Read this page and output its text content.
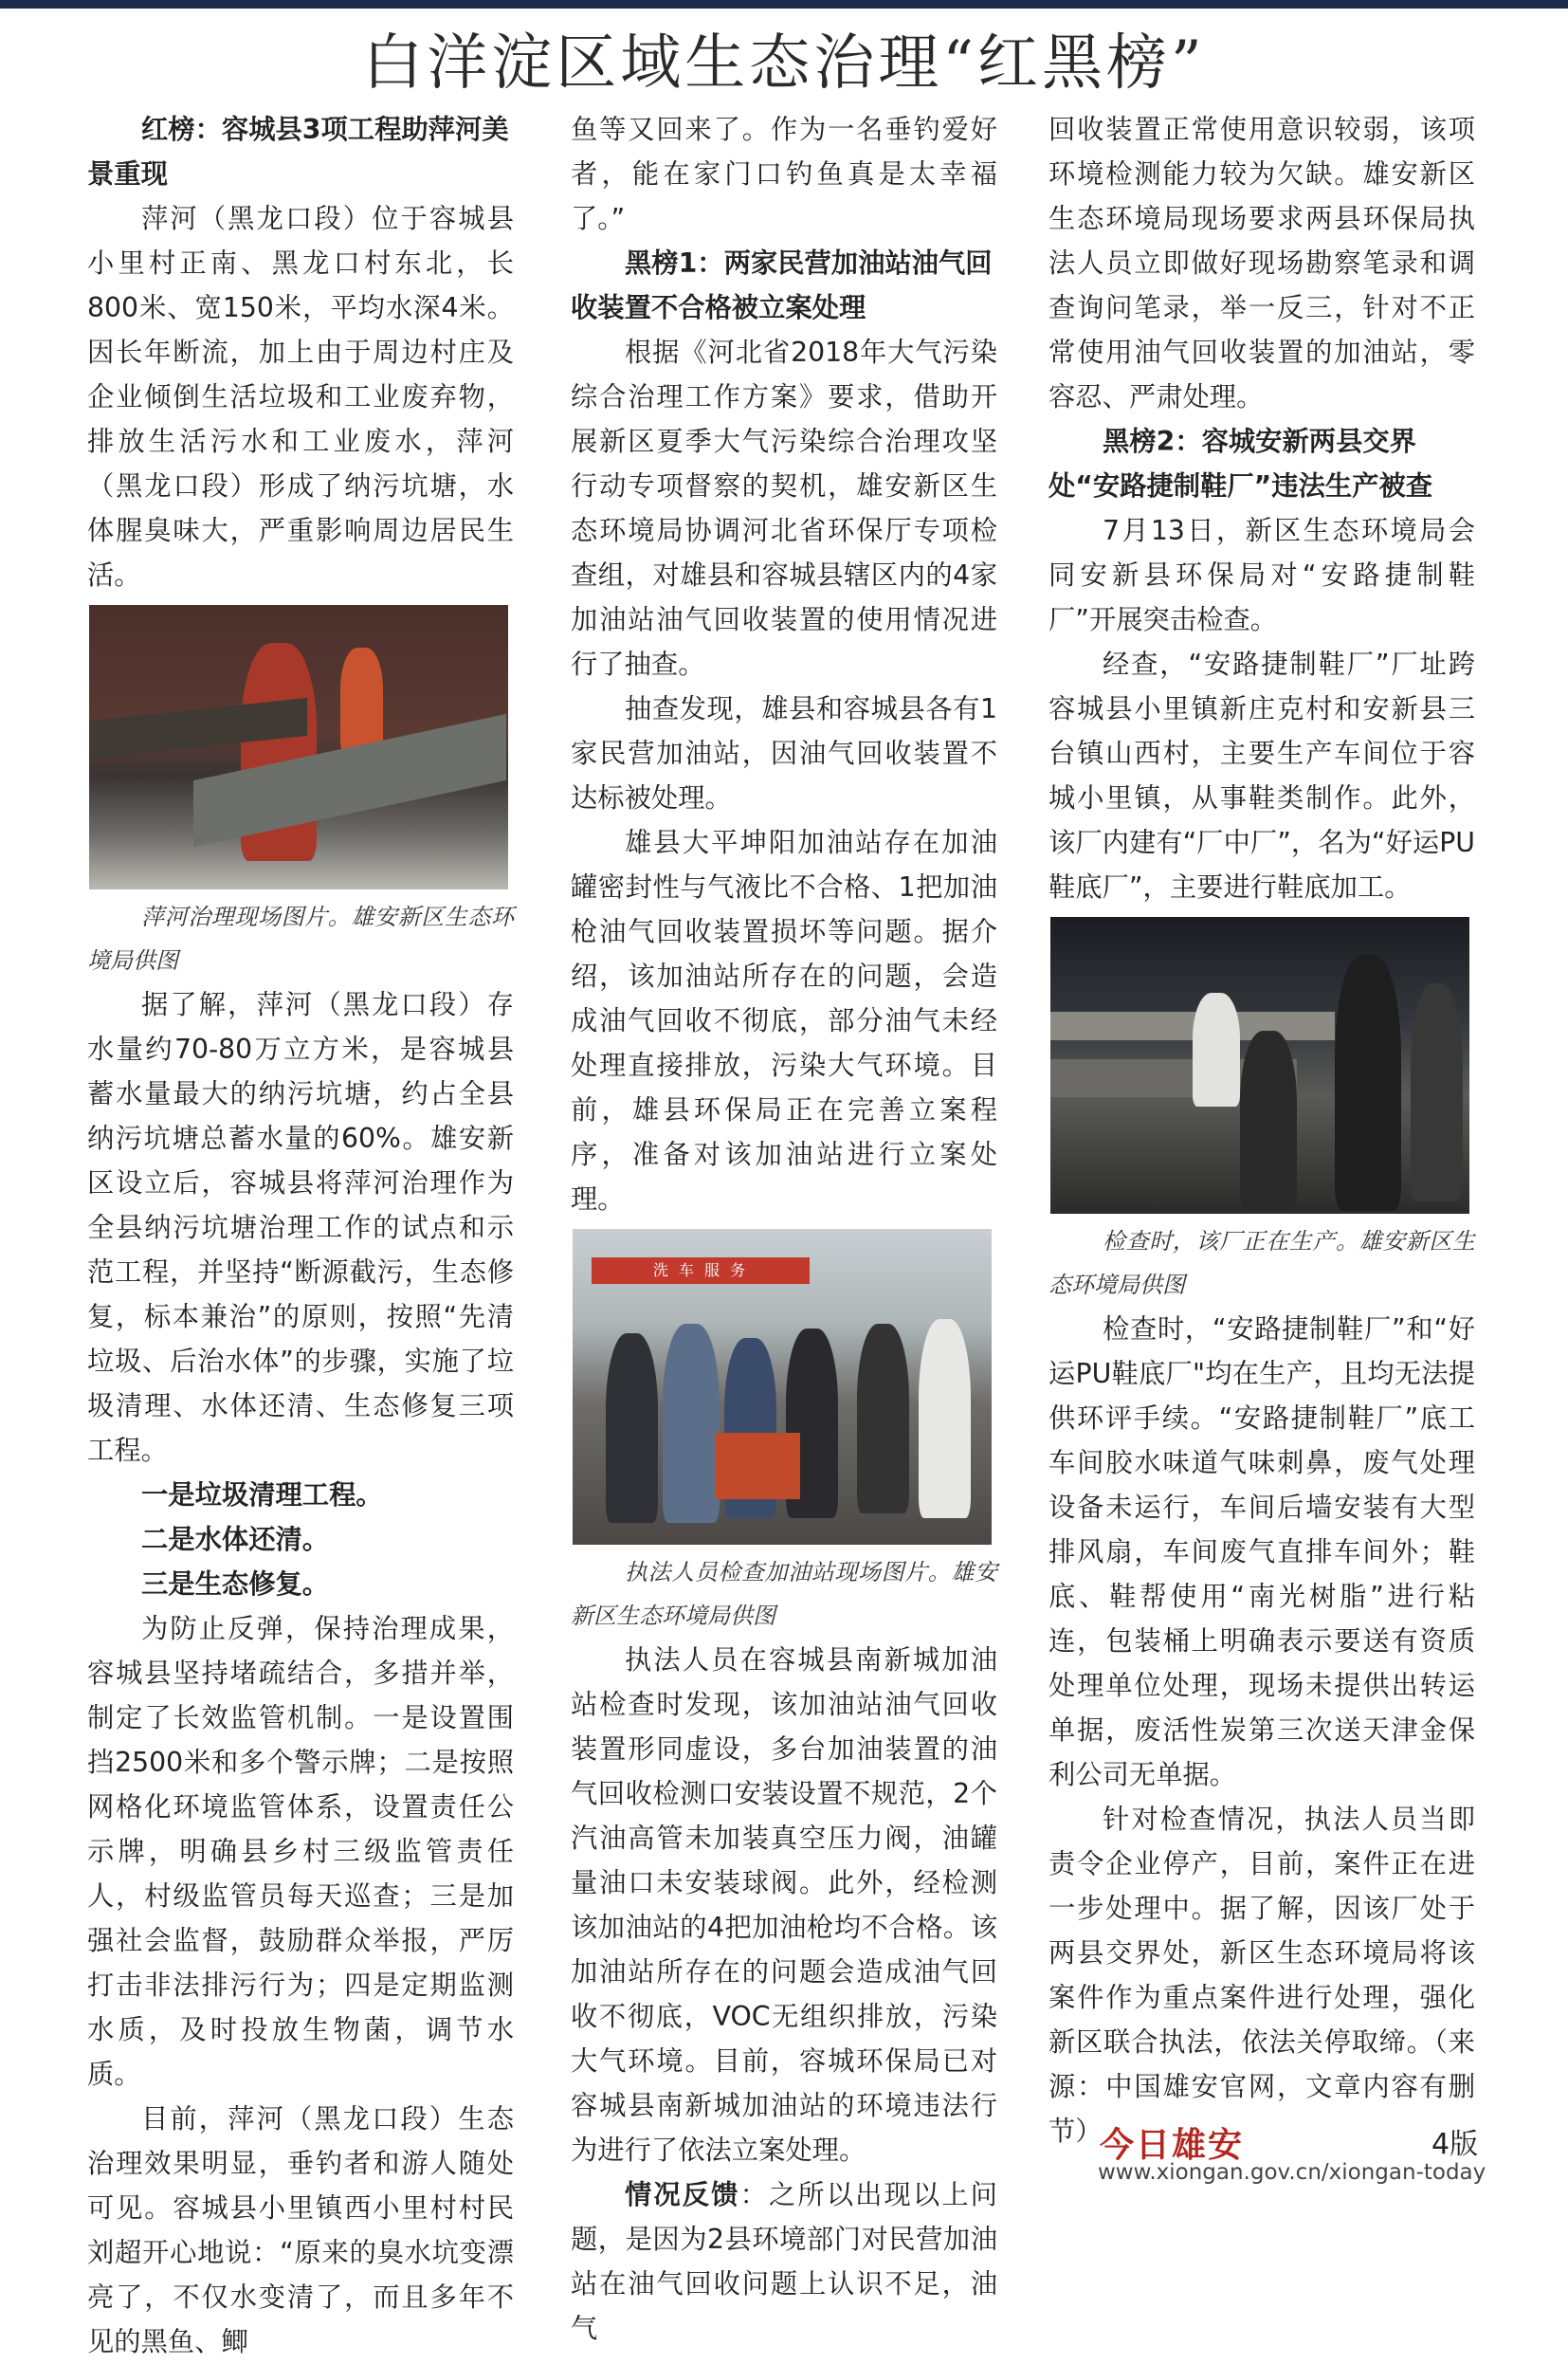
白洋淀区域生态治理“红黑榜”
红榜：容城县3项工程助萍河美景重现

萍河（黑龙口段）位于容城县小里村正南、黑龙口村东北，长800米、宽150米，平均水深4米。因长年断流，加上由于周边村庄及企业倾倒生活垃圾和工业废弃物，排放生活污水和工业废水，萍河（黑龙口段）形成了纳污坑塘，水体腥臭味大，严重影响周边居民生活。

萍河治理现场图片。雄安新区生态环境局供图

据了解，萍河（黑龙口段）存水量约70-80万立方米，是容城县蓄水量最大的纳污坑塘，约占全县纳污坑塘总蓄水量的60%。雄安新区设立后，容城县将萍河治理作为全县纳污坑塘治理工作的试点和示范工程，并坚持“断源截污，生态修复，标本兼治”的原则，按照“先清垃圾、后治水体”的步骤，实施了垃圾清理、水体还清、生态修复三项工程。

一是垃圾清理工程。
二是水体还清。
三是生态修复。

为防止反弹，保持治理成果，容城县坚持堵疏结合，多措并举，制定了长效监管机制。一是设置围挡2500米和多个警示牌；二是按照网格化环境监管体系，设置责任公示牌，明确县乡村三级监管责任人，村级监管员每天巡查；三是加强社会监督，鼓励群众举报，严厉打击非法排污行为；四是定期监测水质，及时投放生物菌，调节水质。

目前，萍河（黑龙口段）生态治理效果明显，垂钓者和游人随处可见。容城县小里镇西小里村村民刘超开心地说：“原来的臭水坑变漂亮了，不仅水变清了，而且多年不见的黑鱼、鲫

鱼等又回来了。作为一名垂钓爱好者，能在家门口钓鱼真是太幸福了。”

黑榜1：两家民营加油站油气回收装置不合格被立案处理

根据《河北省2018年大气污染综合治理工作方案》要求，借助开展新区夏季大气污染综合治理攻坚行动专项督察的契机，雄安新区生态环境局协调河北省环保厅专项检查组，对雄县和容城县辖区内的4家加油站油气回收装置的使用情况进行了抽查。

抽查发现，雄县和容城县各有1家民营加油站，因油气回收装置不达标被处理。

雄县大平坤阳加油站存在加油罐密封性与气液比不合格、1把加油枪油气回收装置损坏等问题。据介绍，该加油站所存在的问题，会造成油气回收不彻底，部分油气未经处理直接排放，污染大气环境。目前，雄县环保局正在完善立案程序，准备对该加油站进行立案处理。

洗 车 服 务

执法人员检查加油站现场图片。雄安新区生态环境局供图

执法人员在容城县南新城加油站检查时发现，该加油站油气回收装置形同虚设，多台加油装置的油气回收检测口安装设置不规范，2个汽油高管未加装真空压力阀，油罐量油口未安装球阀。此外，经检测该加油站的4把加油枪均不合格。该加油站所存在的问题会造成油气回收不彻底，VOC无组织排放，污染大气环境。目前，容城环保局已对容城县南新城加油站的环境违法行为进行了依法立案处理。

情况反馈：之所以出现以上问题，是因为2县环境部门对民营加油站在油气回收问题上认识不足，油气

回收装置正常使用意识较弱，该项环境检测能力较为欠缺。雄安新区生态环境局现场要求两县环保局执法人员立即做好现场勘察笔录和调查询问笔录，举一反三，针对不正常使用油气回收装置的加油站，零容忍、严肃处理。

黑榜2：容城安新两县交界处“安路捷制鞋厂”违法生产被查

7月13日，新区生态环境局会同安新县环保局对“安路捷制鞋厂”开展突击检查。

经查，“安路捷制鞋厂”厂址跨容城县小里镇新庄克村和安新县三台镇山西村，主要生产车间位于容城小里镇，从事鞋类制作。此外，该厂内建有“厂中厂”，名为“好运PU鞋底厂”，主要进行鞋底加工。

检查时，该厂正在生产。雄安新区生态环境局供图

检查时，“安路捷制鞋厂”和“好运PU鞋底厂"均在生产，且均无法提供环评手续。“安路捷制鞋厂”底工车间胶水味道气味刺鼻，废气处理设备未运行，车间后墙安装有大型排风扇，车间废气直排车间外；鞋底、鞋帮使用“南光树脂”进行粘连，包装桶上明确表示要送有资质处理单位处理，现场未提供出转运单据，废活性炭第三次送天津金保利公司无单据。

针对检查情况，执法人员当即责令企业停产，目前，案件正在进一步处理中。据了解，因该厂处于两县交界处，新区生态环境局将该案件作为重点案件进行处理，强化新区联合执法，依法关停取缔。（来源：中国雄安官网，文章内容有删节）

今日雄安	4版
www.xiongan.gov.cn/xiongan-today
